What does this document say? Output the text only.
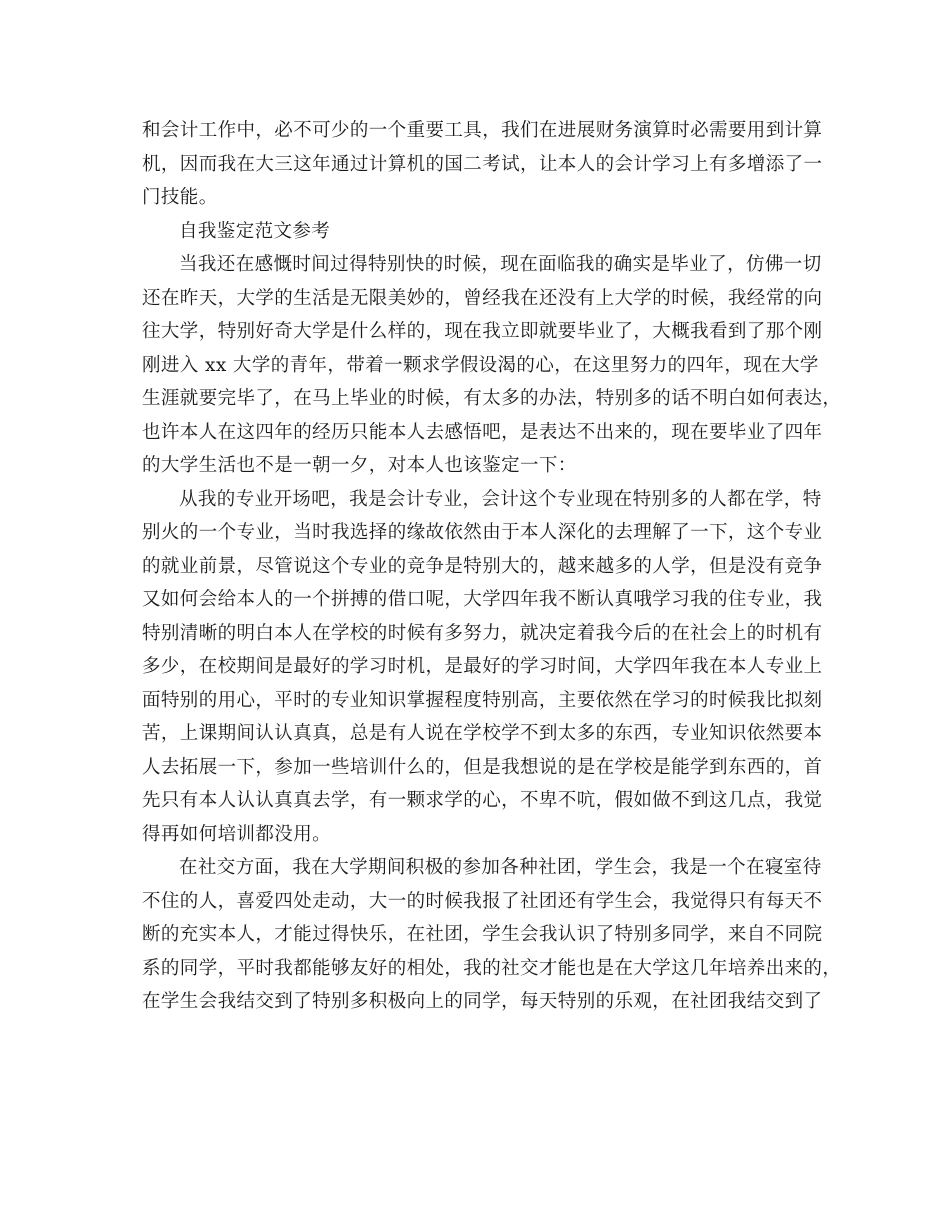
和会计工作中，必不可少的一个重要工具，我们在进展财务演算时必需要用到计算
机，因而我在大三这年通过计算机的国二考试，让本人的会计学习上有多增添了一
门技能。
自我鉴定范文参考
当我还在感慨时间过得特别快的时候，现在面临我的确实是毕业了，仿佛一切
还在昨天，大学的生活是无限美妙的，曾经我在还没有上大学的时候，我经常的向
往大学，特别好奇大学是什么样的，现在我立即就要毕业了，大概我看到了那个刚
刚进入 xx 大学的青年，带着一颗求学假设渴的心，在这里努力的四年，现在大学
生涯就要完毕了，在马上毕业的时候，有太多的办法，特别多的话不明白如何表达，
也许本人在这四年的经历只能本人去感悟吧，是表达不出来的，现在要毕业了四年
的大学生活也不是一朝一夕，对本人也该鉴定一下：
从我的专业开场吧，我是会计专业，会计这个专业现在特别多的人都在学，特
别火的一个专业，当时我选择的缘故依然由于本人深化的去理解了一下，这个专业
的就业前景，尽管说这个专业的竞争是特别大的，越来越多的人学，但是没有竞争
又如何会给本人的一个拼搏的借口呢，大学四年我不断认真哦学习我的住专业，我
特别清晰的明白本人在学校的时候有多努力，就决定着我今后的在社会上的时机有
多少，在校期间是最好的学习时机，是最好的学习时间，大学四年我在本人专业上
面特别的用心，平时的专业知识掌握程度特别高，主要依然在学习的时候我比拟刻
苦，上课期间认认真真，总是有人说在学校学不到太多的东西，专业知识依然要本
人去拓展一下，参加一些培训什么的，但是我想说的是在学校是能学到东西的，首
先只有本人认认真真去学，有一颗求学的心，不卑不吭，假如做不到这几点，我觉
得再如何培训都没用。
在社交方面，我在大学期间积极的参加各种社团，学生会，我是一个在寝室待
不住的人，喜爱四处走动，大一的时候我报了社团还有学生会，我觉得只有每天不
断的充实本人，才能过得快乐，在社团，学生会我认识了特别多同学，来自不同院
系的同学，平时我都能够友好的相处，我的社交才能也是在大学这几年培养出来的，
在学生会我结交到了特别多积极向上的同学，每天特别的乐观，在社团我结交到了
